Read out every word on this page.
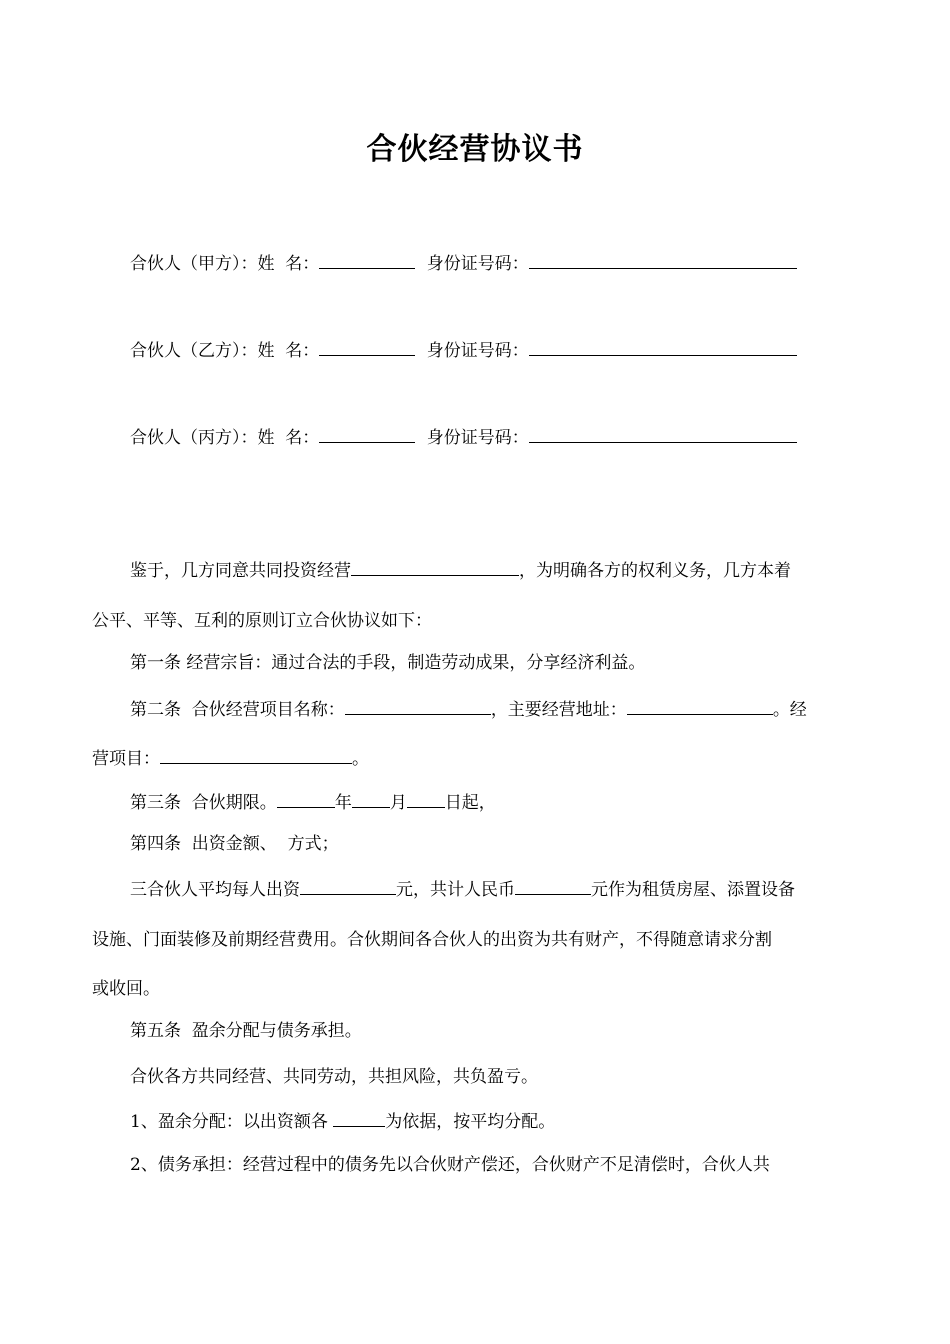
合伙经营协议书
合伙人（甲方）：姓  名：	身份证号码：
合伙人（乙方）：姓  名：	身份证号码：
合伙人（丙方）：姓  名：	身份证号码：
鉴于，几方同意共同投资经营	，为明确各方的权利义务，几方本着
公平、平等、互利的原则订立合伙协议如下：
第一条 经营宗旨：通过合法的手段，制造劳动成果，分享经济利益。
第二条  合伙经营项目名称：	，主要经营地址：	。经
营项目：	。
第三条  合伙期限。	年 月 日起，
第四条  出资金额、  方式；
三合伙人平均每人出资	元，共计人民币	元作为租赁房屋、添置设备
设施、门面装修及前期经营费用。合伙期间各合伙人的出资为共有财产，不得随意请求分割
或收回。
第五条  盈余分配与债务承担。
合伙各方共同经营、共同劳动，共担风险，共负盈亏。
1、盈余分配：以出资额各	为依据，按平均分配。
2、债务承担：经营过程中的债务先以合伙财产偿还，合伙财产不足清偿时，合伙人共
